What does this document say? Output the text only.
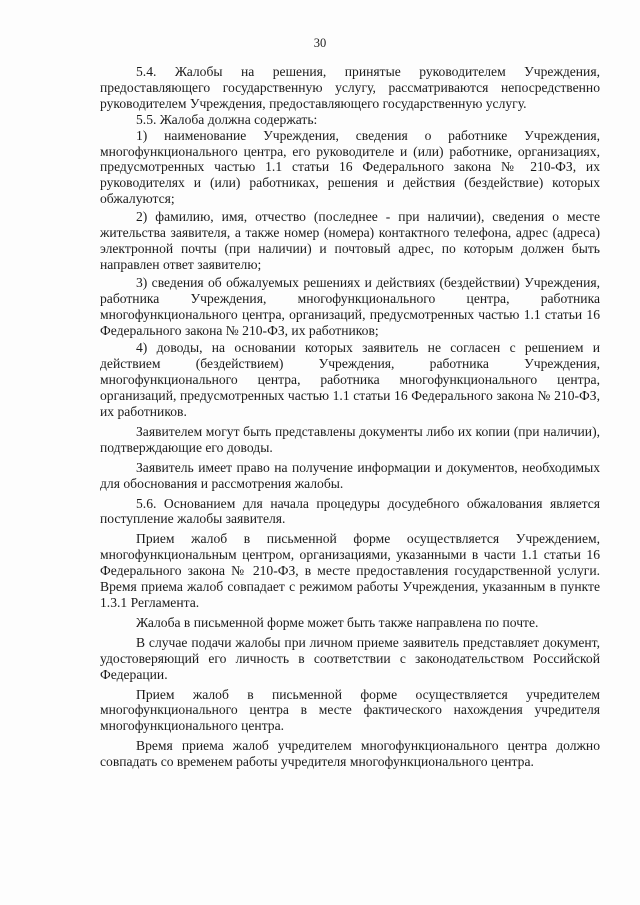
30

5.4. Жалобы на решения, принятые руководителем Учреждения, предоставляющего государственную услугу, рассматриваются непосредственно руководителем Учреждения, предоставляющего государственную услугу.

5.5. Жалоба должна содержать:

1) наименование Учреждения, сведения о работнике Учреждения, многофункционального центра, его руководителе и (или) работнике, организациях, предусмотренных частью 1.1 статьи 16 Федерального закона № 210-ФЗ, их руководителях и (или) работниках, решения и действия (бездействие) которых обжалуются;

2) фамилию, имя, отчество (последнее - при наличии), сведения о месте жительства заявителя, а также номер (номера) контактного телефона, адрес (адреса) электронной почты (при наличии) и почтовый адрес, по которым должен быть направлен ответ заявителю;

3) сведения об обжалуемых решениях и действиях (бездействии) Учреждения, работника Учреждения, многофункционального центра, работника многофункционального центра, организаций, предусмотренных частью 1.1 статьи 16 Федерального закона № 210-ФЗ, их работников;

4) доводы, на основании которых заявитель не согласен с решением и действием (бездействием) Учреждения, работника Учреждения, многофункционального центра, работника многофункционального центра, организаций, предусмотренных частью 1.1 статьи 16 Федерального закона № 210-ФЗ, их работников.

Заявителем могут быть представлены документы либо их копии (при наличии), подтверждающие его доводы.

Заявитель имеет право на получение информации и документов, необходимых для обоснования и рассмотрения жалобы.

5.6. Основанием для начала процедуры досудебного обжалования является поступление жалобы заявителя.

Прием жалоб в письменной форме осуществляется Учреждением, многофункциональным центром, организациями, указанными в части 1.1 статьи 16 Федерального закона № 210-ФЗ, в месте предоставления государственной услуги. Время приема жалоб совпадает с режимом работы Учреждения, указанным в пункте 1.3.1 Регламента.

Жалоба в письменной форме может быть также направлена по почте.

В случае подачи жалобы при личном приеме заявитель представляет документ, удостоверяющий его личность в соответствии с законодательством Российской Федерации.

Прием жалоб в письменной форме осуществляется учредителем многофункционального центра в месте фактического нахождения учредителя многофункционального центра.

Время приема жалоб учредителем многофункционального центра должно совпадать со временем работы учредителя многофункционального центра.
